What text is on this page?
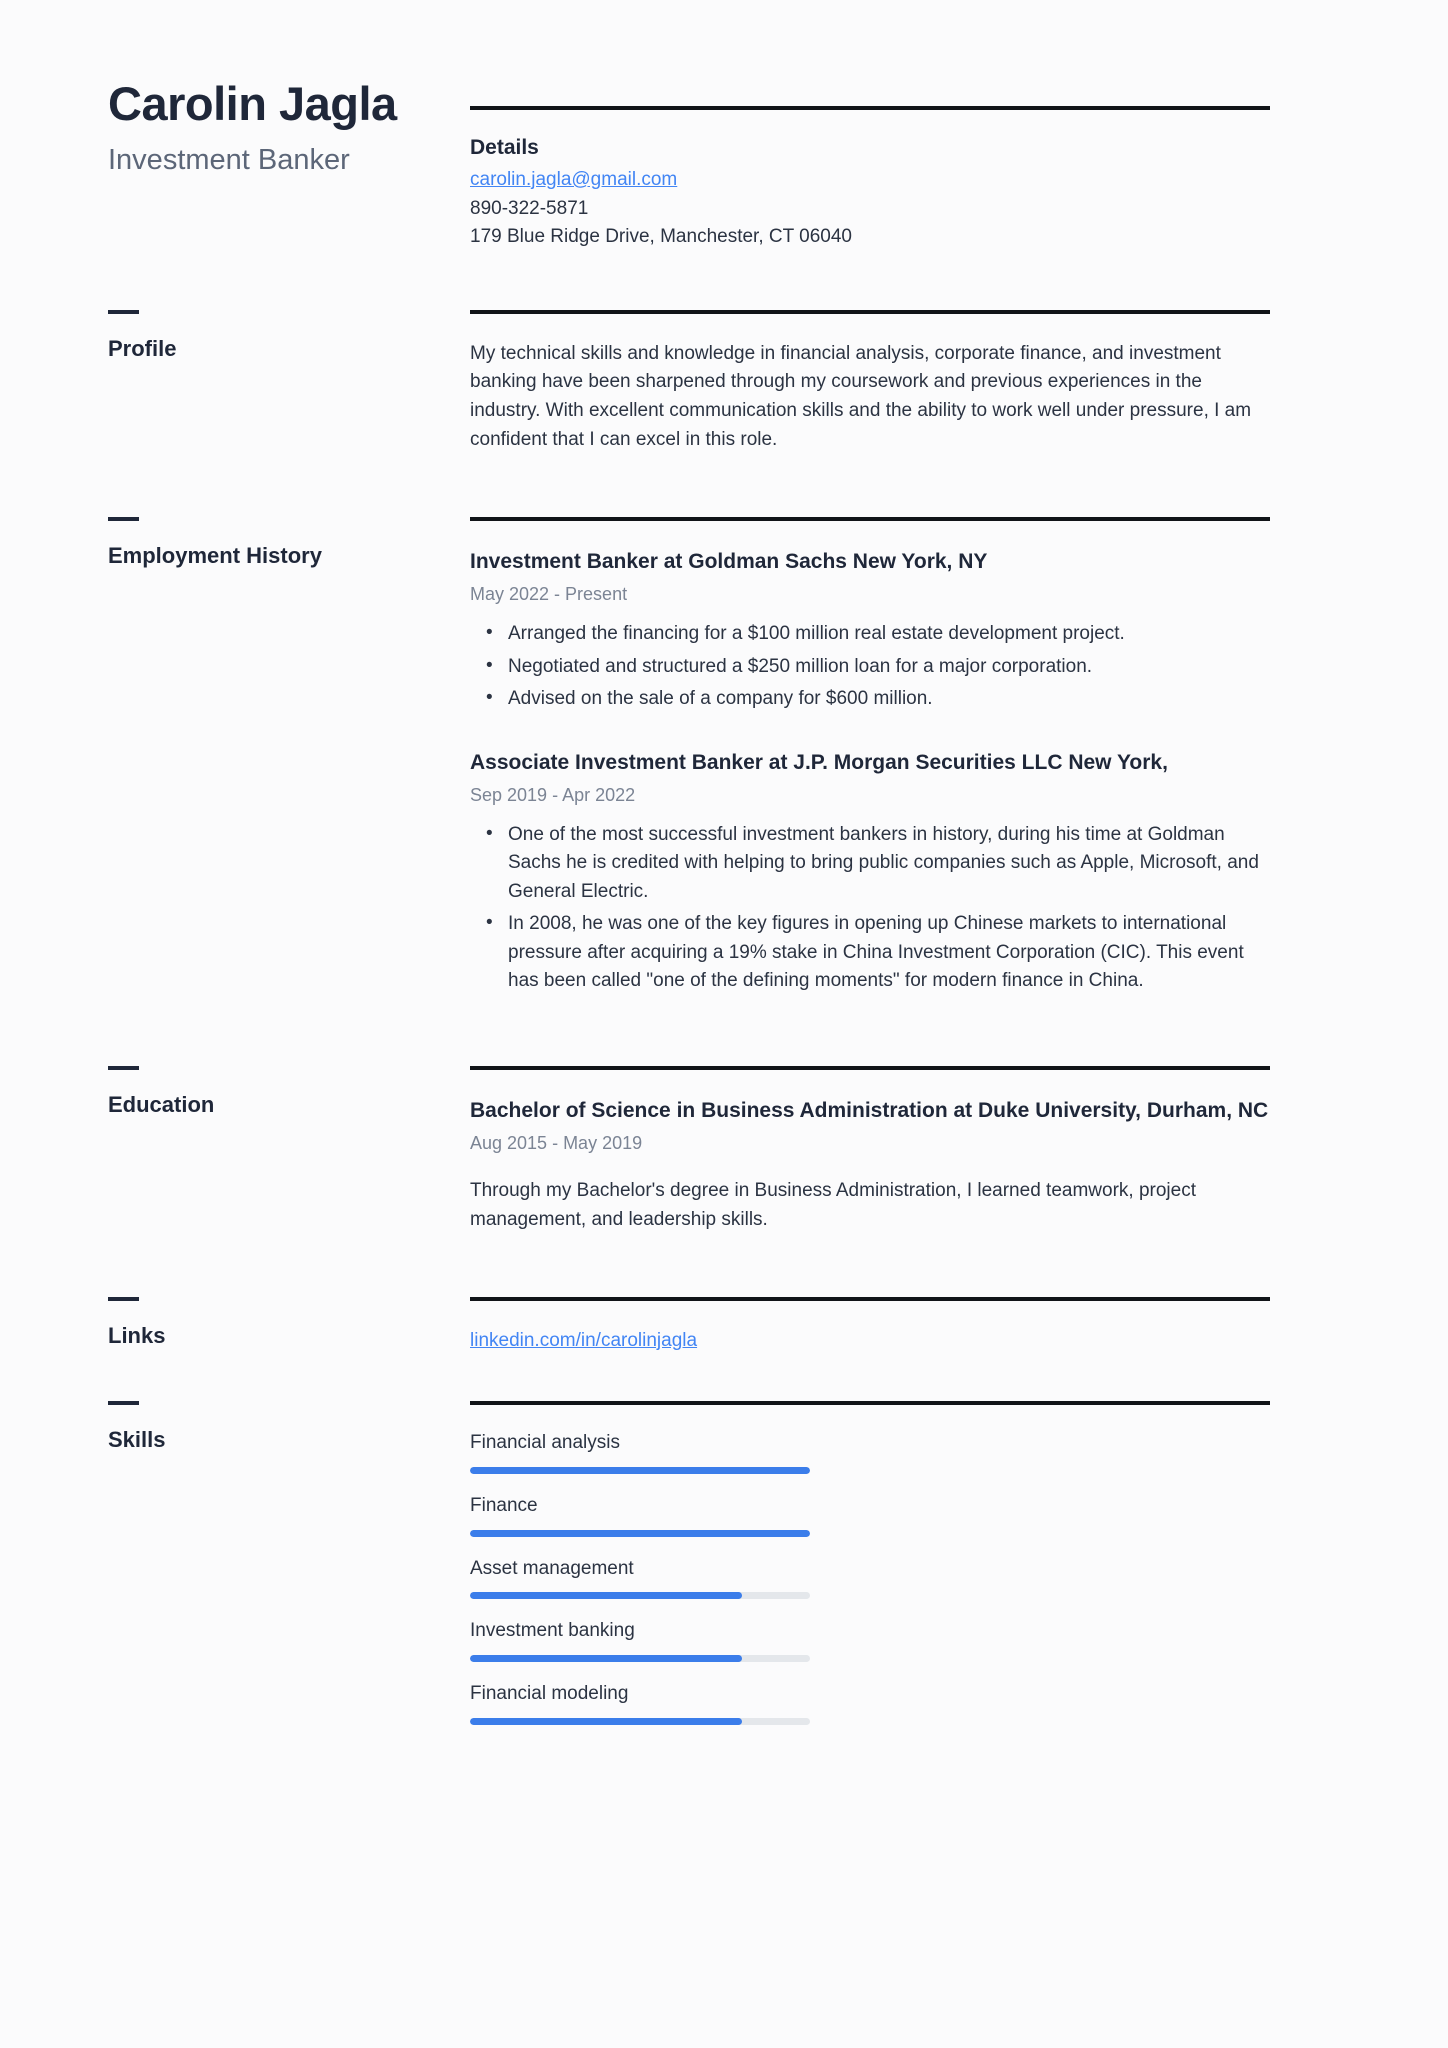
Carolin Jagla
Investment Banker	Details
carolin.jagla@gmail.com
890-322-5871
179 Blue Ridge Drive, Manchester, CT 06040
Profile	My technical skills and knowledge in financial analysis, corporate finance, and investment banking have been sharpened through my coursework and previous experiences in the industry. With excellent communication skills and the ability to work well under pressure, I am confident that I can excel in this role.
Employment History	Investment Banker at Goldman Sachs New York, NY
May 2022 - Present
• Arranged the financing for a $100 million real estate development project.
• Negotiated and structured a $250 million loan for a major corporation.
• Advised on the sale of a company for $600 million.
Associate Investment Banker at J.P. Morgan Securities LLC New York,
Sep 2019 - Apr 2022
• One of the most successful investment bankers in history, during his time at Goldman Sachs he is credited with helping to bring public companies such as Apple, Microsoft, and General Electric.
• In 2008, he was one of the key figures in opening up Chinese markets to international pressure after acquiring a 19% stake in China Investment Corporation (CIC). This event has been called "one of the defining moments" for modern finance in China.
Education	Bachelor of Science in Business Administration at Duke University, Durham, NC
Aug 2015 - May 2019
Through my Bachelor's degree in Business Administration, I learned teamwork, project management, and leadership skills.
Links	linkedin.com/in/carolinjagla
Skills	Financial analysis
Finance
Asset management
Investment banking
Financial modeling
